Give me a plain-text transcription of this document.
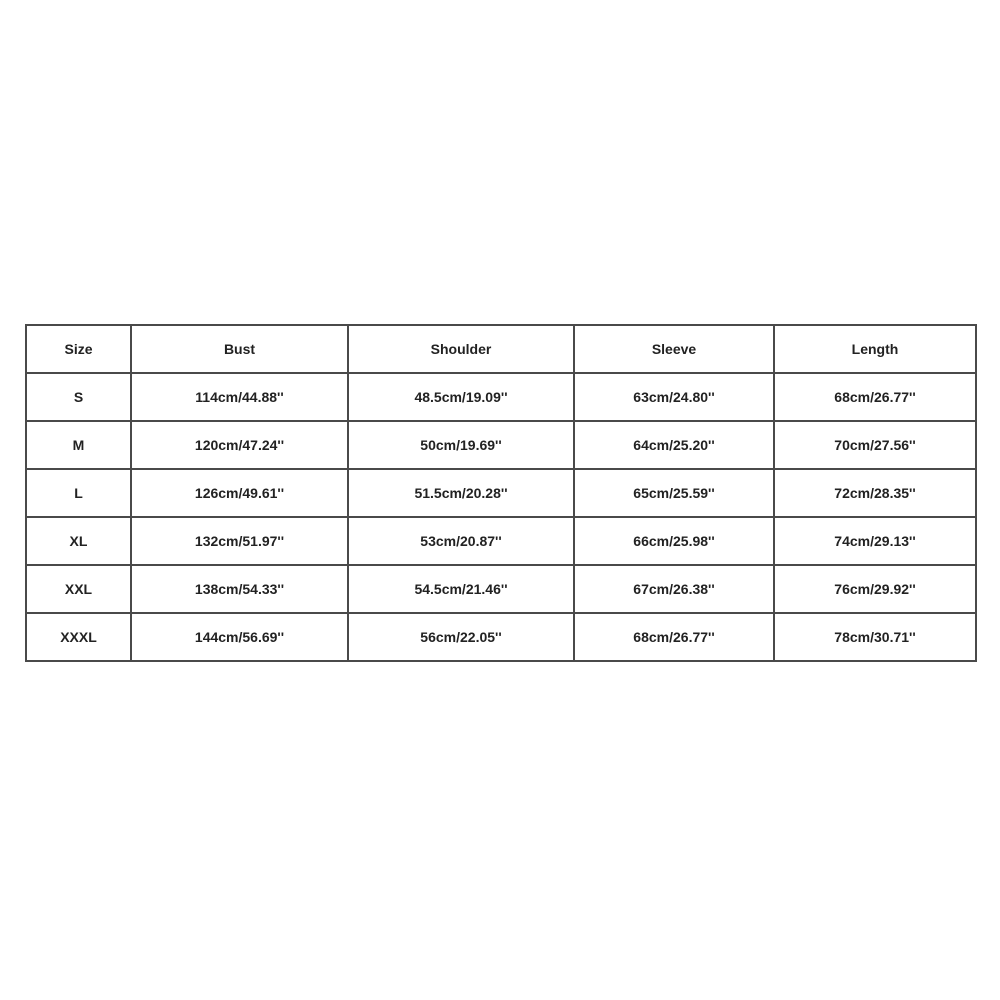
Size	Bust	Shoulder	Sleeve	Length
S	114cm/44.88''	48.5cm/19.09''	63cm/24.80''	68cm/26.77''
M	120cm/47.24''	50cm/19.69''	64cm/25.20''	70cm/27.56''
L	126cm/49.61''	51.5cm/20.28''	65cm/25.59''	72cm/28.35''
XL	132cm/51.97''	53cm/20.87''	66cm/25.98''	74cm/29.13''
XXL	138cm/54.33''	54.5cm/21.46''	67cm/26.38''	76cm/29.92''
XXXL	144cm/56.69''	56cm/22.05''	68cm/26.77''	78cm/30.71''
